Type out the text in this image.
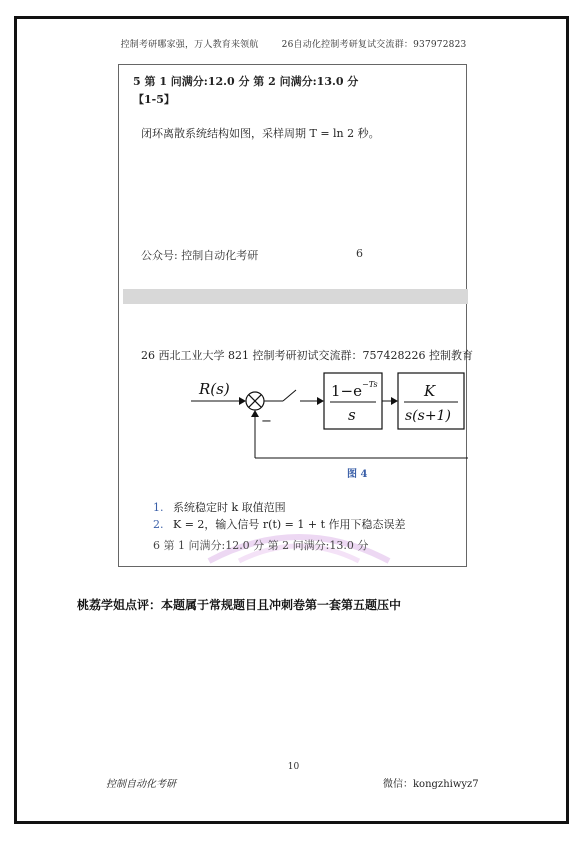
控制考研哪家强，万人教育来领航	26自动化控制考研复试交流群：937972823
5 第 1 问满分:12.0 分 第 2 问满分:13.0 分
【1-5】
闭环离散系统结构如图，采样周期 T = ln 2 秒。
公众号: 控制自动化考研	6
26 西北工业大学 821 控制考研初试交流群：757428226 控制教育
R(s)
−
1−e −Ts
s
K
s(s+1)
图 4
1. 系统稳定时 k 取值范围
2. K = 2，输入信号 r(t) = 1 + t 作用下稳态误差
6 第 1 问满分:12.0 分 第 2 问满分:13.0 分
桃荔学姐点评：本题属于常规题目且冲刺卷第一套第五题压中
10
控制自动化考研	微信：kongzhiwyz7
